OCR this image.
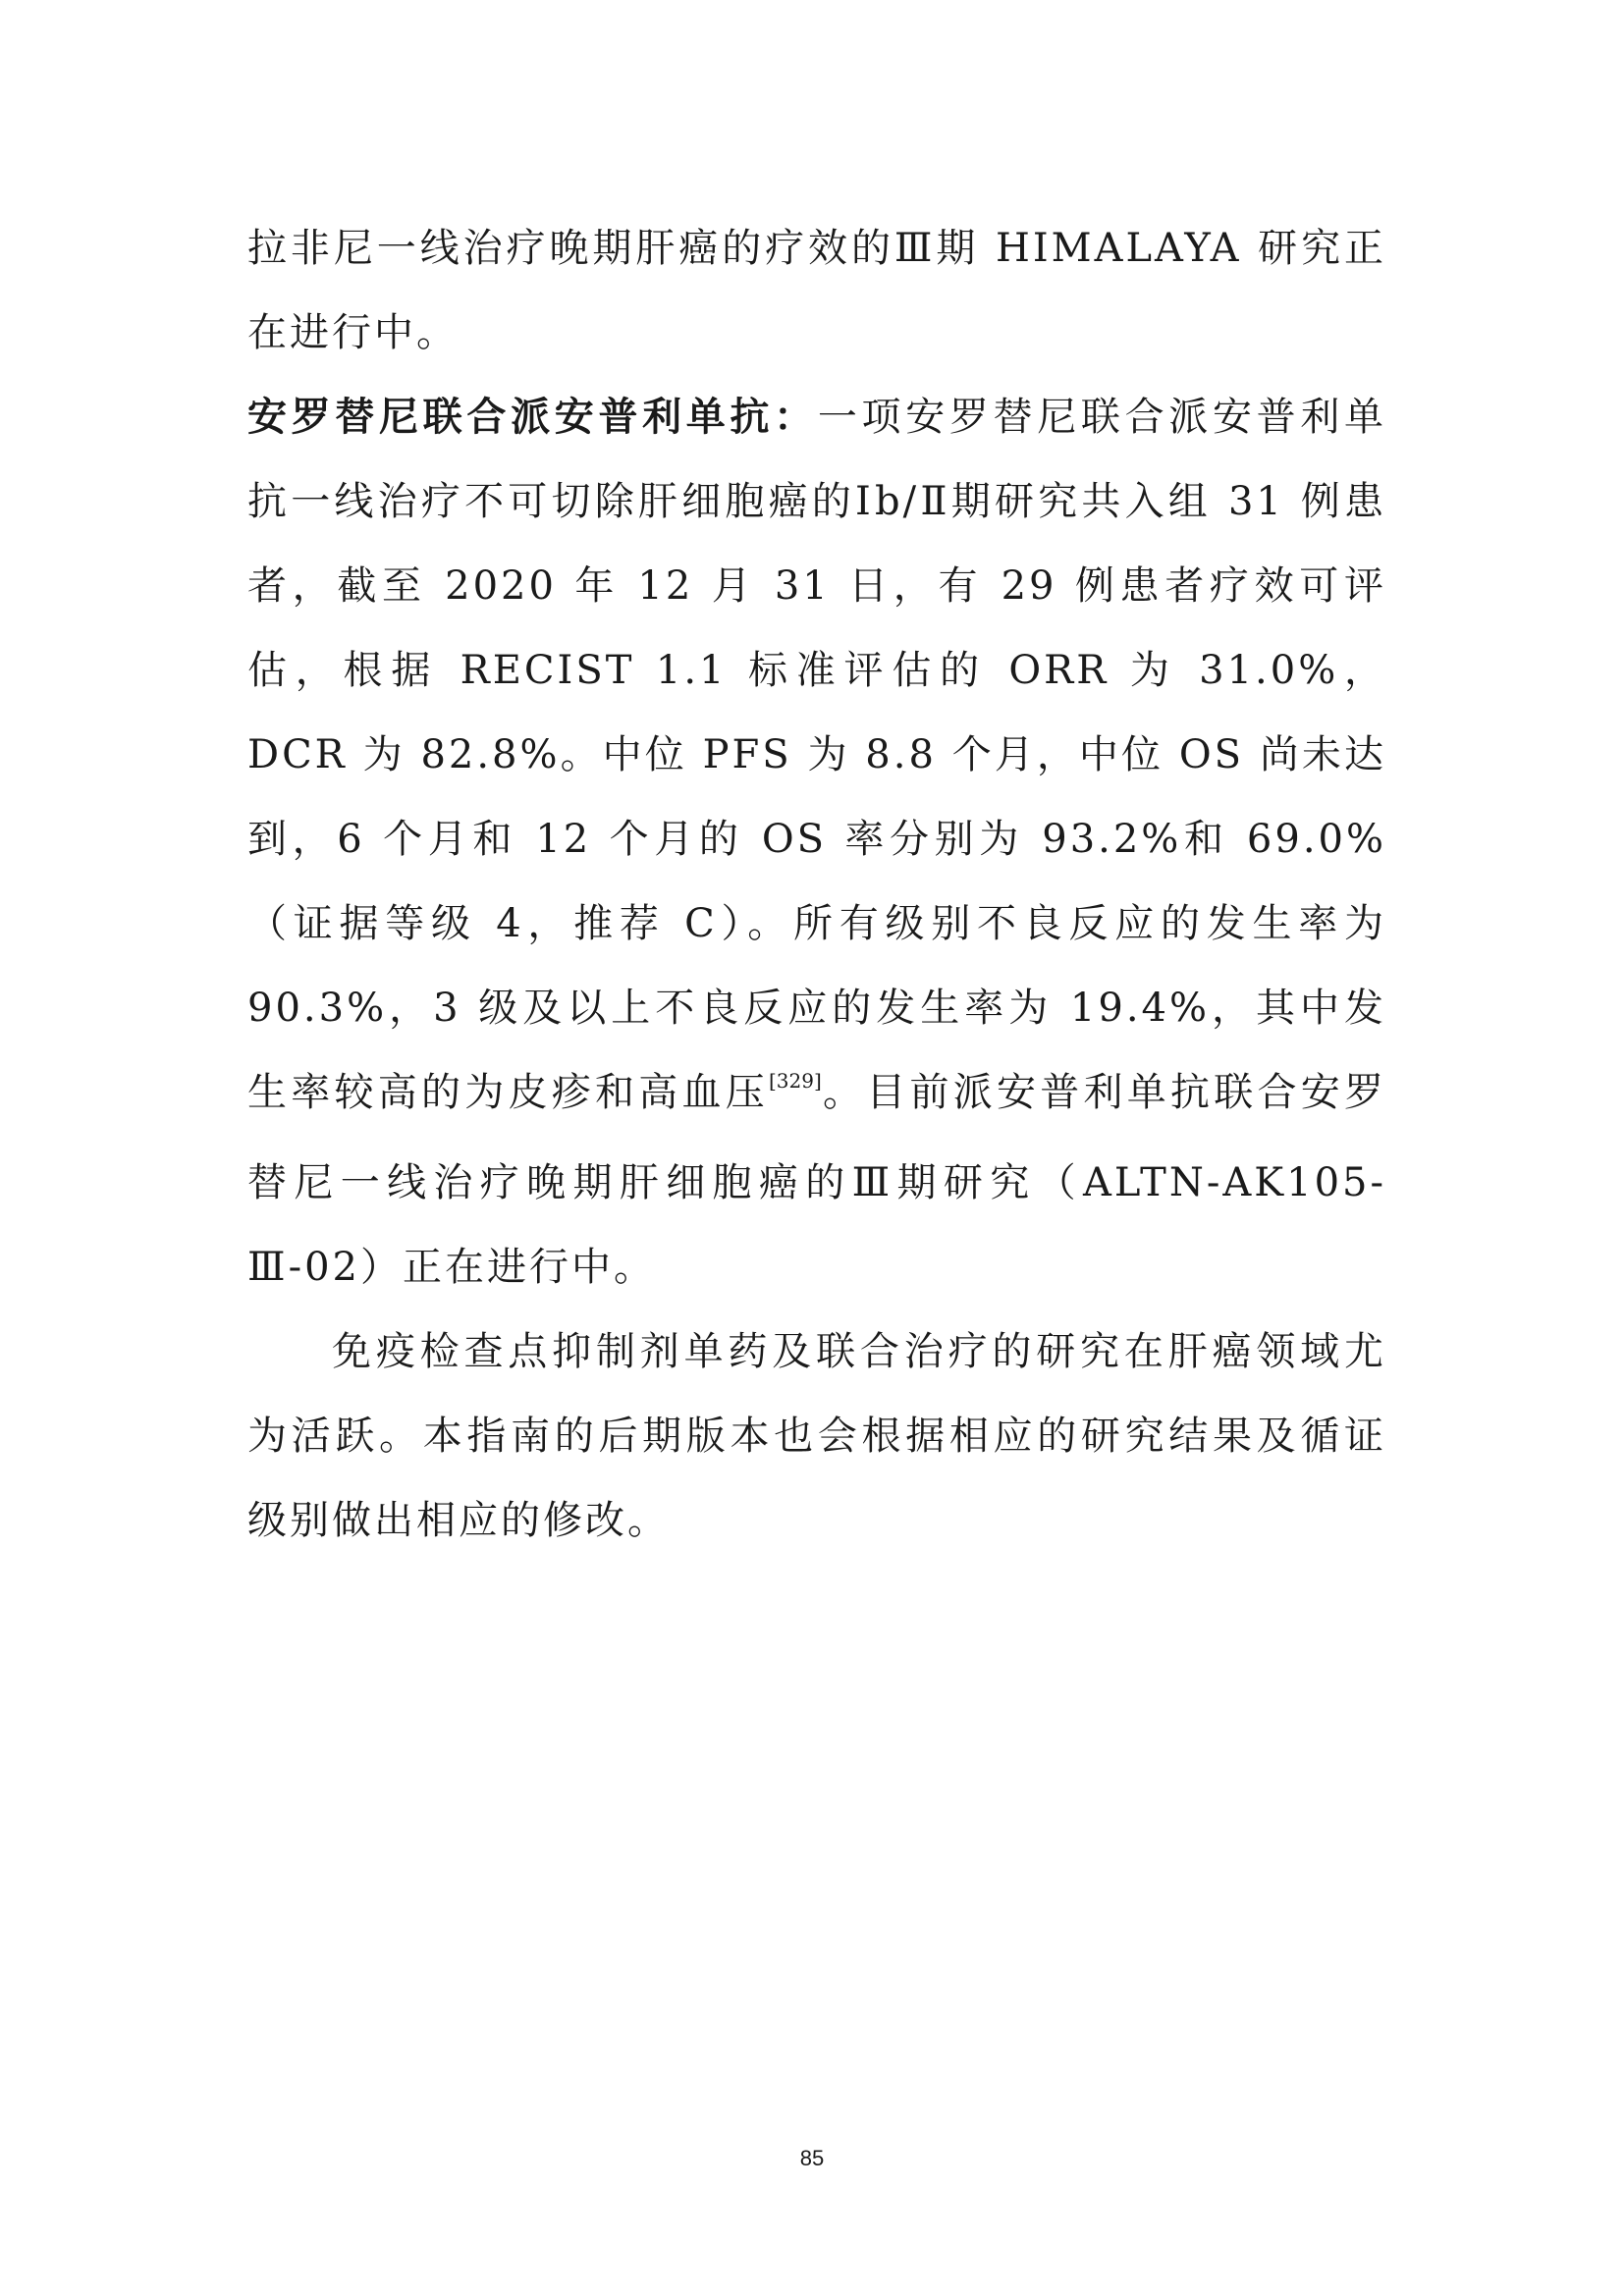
拉非尼一线治疗晚期肝癌的疗效的Ⅲ期 HIMALAYA 研究正在进行中。

安罗替尼联合派安普利单抗：一项安罗替尼联合派安普利单抗一线治疗不可切除肝细胞癌的Ⅰb/Ⅱ期研究共入组 31 例患者，截至 2020 年 12 月 31 日，有 29 例患者疗效可评估，根据 RECIST 1.1 标准评估的 ORR 为 31.0%，DCR 为 82.8%。中位 PFS 为 8.8 个月，中位 OS 尚未达到，6 个月和 12 个月的 OS 率分别为 93.2%和 69.0%（证据等级 4，推荐 C）。所有级别不良反应的发生率为 90.3%，3 级及以上不良反应的发生率为 19.4%，其中发生率较高的为皮疹和高血压[329]。目前派安普利单抗联合安罗替尼一线治疗晚期肝细胞癌的Ⅲ期研究（ALTN-AK105-Ⅲ-02）正在进行中。

免疫检查点抑制剂单药及联合治疗的研究在肝癌领域尤为活跃。本指南的后期版本也会根据相应的研究结果及循证级别做出相应的修改。

85
